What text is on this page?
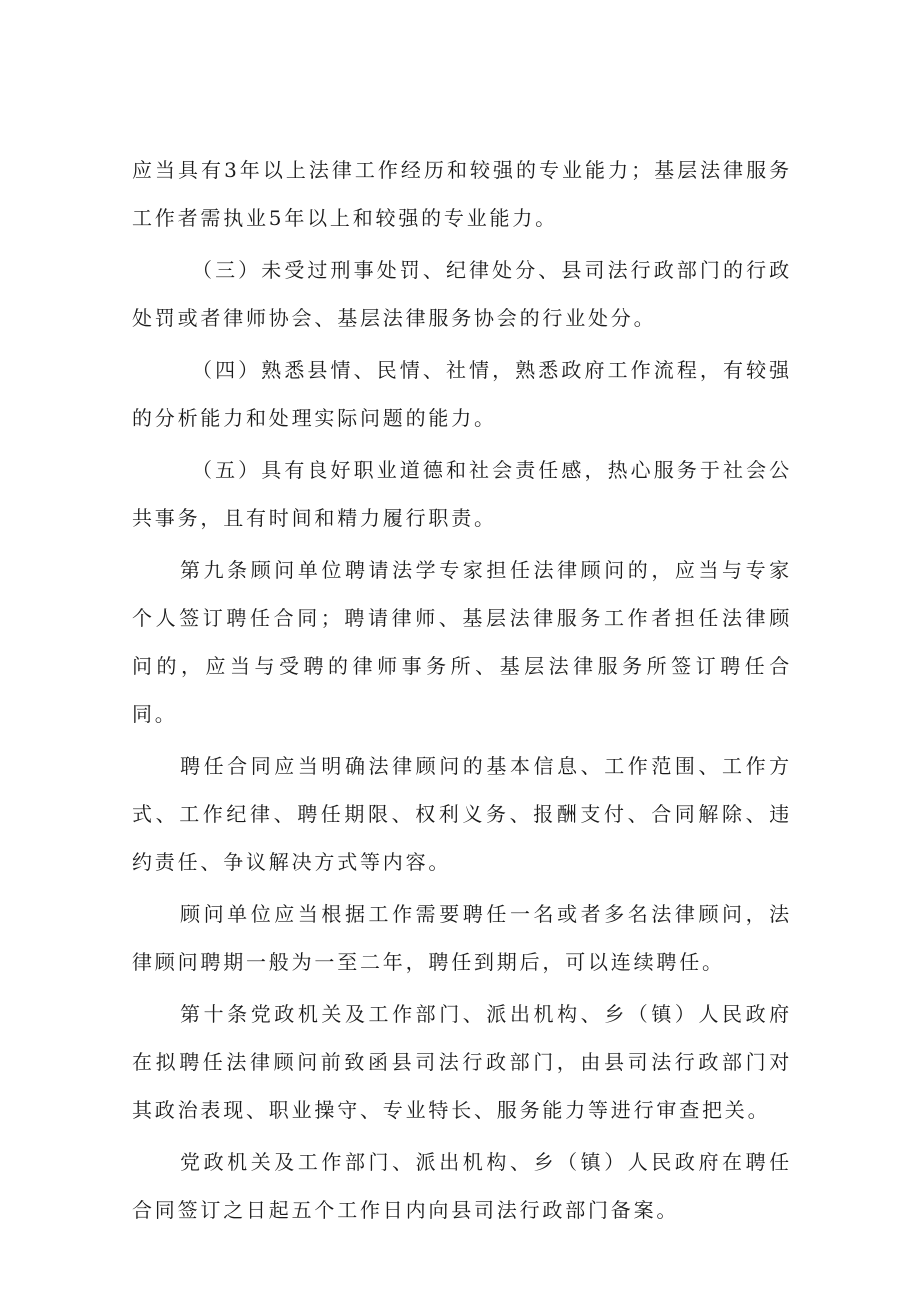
应当具有3年以上法律工作经历和较强的专业能力；基层法律服务工作者需执业5年以上和较强的专业能力。

（三）未受过刑事处罚、纪律处分、县司法行政部门的行政处罚或者律师协会、基层法律服务协会的行业处分。

（四）熟悉县情、民情、社情，熟悉政府工作流程，有较强的分析能力和处理实际问题的能力。

（五）具有良好职业道德和社会责任感，热心服务于社会公共事务，且有时间和精力履行职责。

第九条顾问单位聘请法学专家担任法律顾问的，应当与专家个人签订聘任合同；聘请律师、基层法律服务工作者担任法律顾问的，应当与受聘的律师事务所、基层法律服务所签订聘任合同。

聘任合同应当明确法律顾问的基本信息、工作范围、工作方式、工作纪律、聘任期限、权利义务、报酬支付、合同解除、违约责任、争议解决方式等内容。

顾问单位应当根据工作需要聘任一名或者多名法律顾问，法律顾问聘期一般为一至二年，聘任到期后，可以连续聘任。

第十条党政机关及工作部门、派出机构、乡（镇）人民政府在拟聘任法律顾问前致函县司法行政部门，由县司法行政部门对其政治表现、职业操守、专业特长、服务能力等进行审查把关。

党政机关及工作部门、派出机构、乡（镇）人民政府在聘任合同签订之日起五个工作日内向县司法行政部门备案。
